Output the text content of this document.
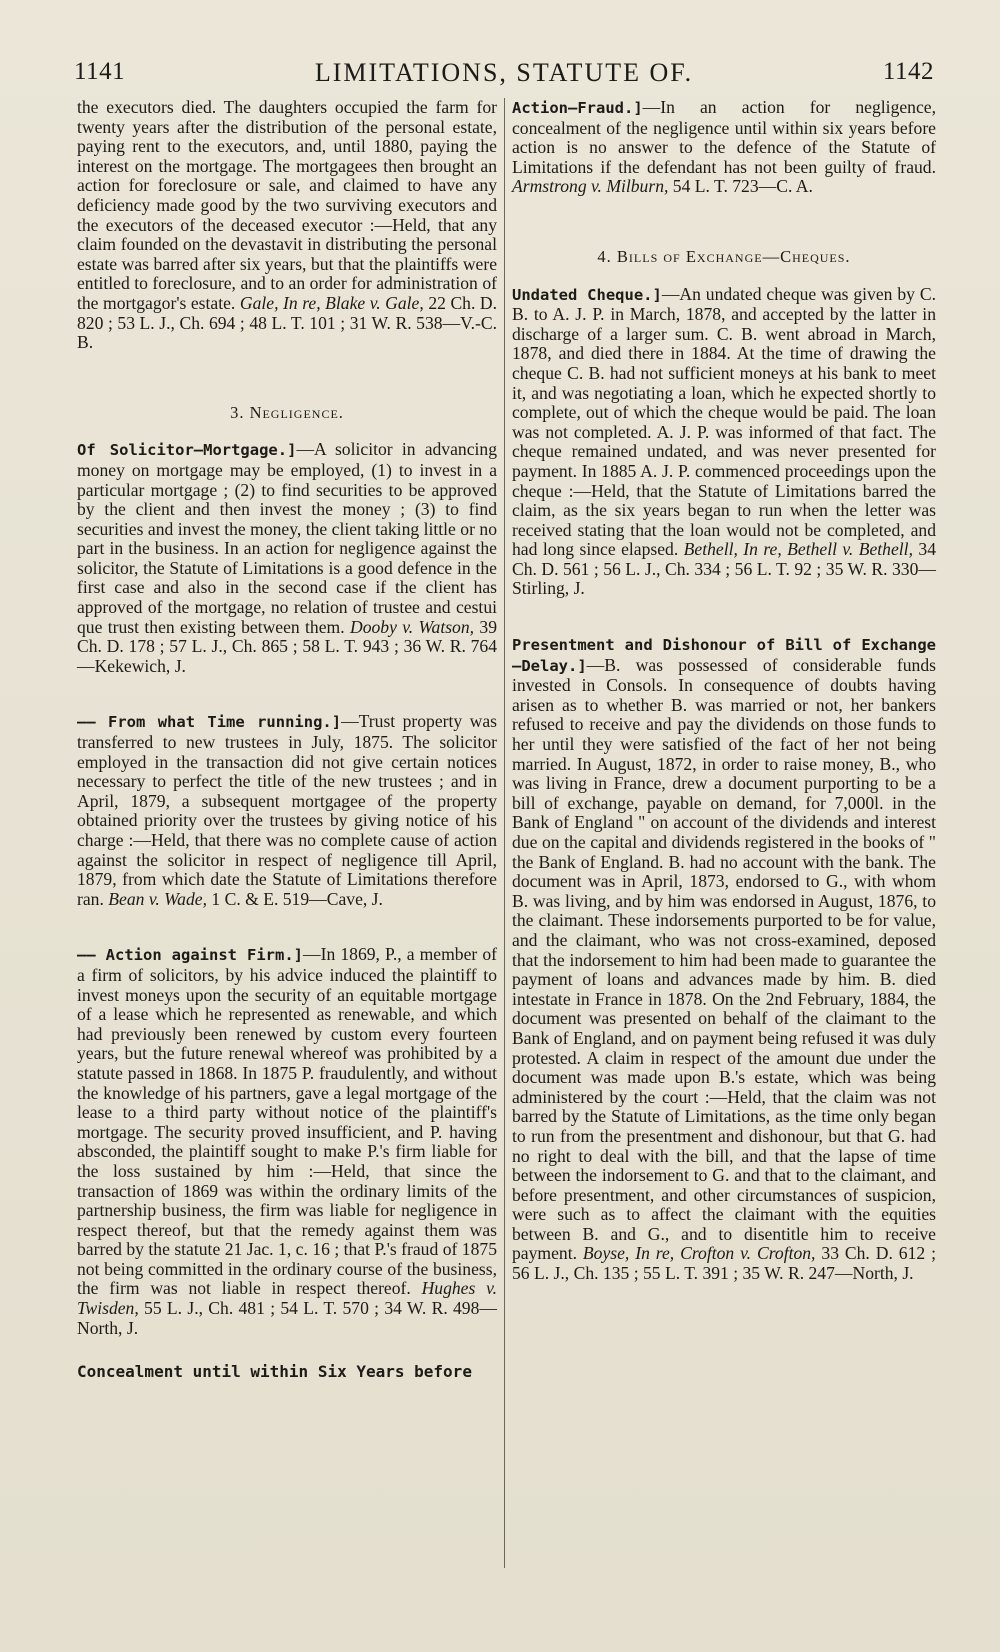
1141	LIMITATIONS, STATUTE OF.	1142

the executors died. The daughters occupied the farm for twenty years after the distribution of the personal estate, paying rent to the executors, and, until 1880, paying the interest on the mortgage. The mortgagees then brought an action for foreclosure or sale, and claimed to have any deficiency made good by the two surviving executors and the executors of the deceased executor :—Held, that any claim founded on the devastavit in distributing the personal estate was barred after six years, but that the plaintiffs were entitled to foreclosure, and to an order for administration of the mortgagor's estate. Gale, In re, Blake v. Gale, 22 Ch. D. 820 ; 53 L. J., Ch. 694 ; 48 L. T. 101 ; 31 W. R. 538—V.-C. B.

3. Negligence.

Of Solicitor—Mortgage.]—A solicitor in advancing money on mortgage may be employed, (1) to invest in a particular mortgage ; (2) to find securities to be approved by the client and then invest the money ; (3) to find securities and invest the money, the client taking little or no part in the business. In an action for negligence against the solicitor, the Statute of Limitations is a good defence in the first case and also in the second case if the client has approved of the mortgage, no relation of trustee and cestui que trust then existing between them. Dooby v. Watson, 39 Ch. D. 178 ; 57 L. J., Ch. 865 ; 58 L. T. 943 ; 36 W. R. 764—Kekewich, J.

—— From what Time running.]—Trust property was transferred to new trustees in July, 1875. The solicitor employed in the transaction did not give certain notices necessary to perfect the title of the new trustees ; and in April, 1879, a subsequent mortgagee of the property obtained priority over the trustees by giving notice of his charge :—Held, that there was no complete cause of action against the solicitor in respect of negligence till April, 1879, from which date the Statute of Limitations therefore ran. Bean v. Wade, 1 C. & E. 519—Cave, J.

—— Action against Firm.]—In 1869, P., a member of a firm of solicitors, by his advice induced the plaintiff to invest moneys upon the security of an equitable mortgage of a lease which he represented as renewable, and which had previously been renewed by custom every fourteen years, but the future renewal whereof was prohibited by a statute passed in 1868. In 1875 P. fraudulently, and without the knowledge of his partners, gave a legal mortgage of the lease to a third party without notice of the plaintiff's mortgage. The security proved insufficient, and P. having absconded, the plaintiff sought to make P.'s firm liable for the loss sustained by him :—Held, that since the transaction of 1869 was within the ordinary limits of the partnership business, the firm was liable for negligence in respect thereof, but that the remedy against them was barred by the statute 21 Jac. 1, c. 16 ; that P.'s fraud of 1875 not being committed in the ordinary course of the business, the firm was not liable in respect thereof. Hughes v. Twisden, 55 L. J., Ch. 481 ; 54 L. T. 570 ; 34 W. R. 498—North, J.

Concealment until within Six Years before

Action—Fraud.]—In an action for negligence, concealment of the negligence until within six years before action is no answer to the defence of the Statute of Limitations if the defendant has not been guilty of fraud. Armstrong v. Milburn, 54 L. T. 723—C. A.

4. Bills of Exchange—Cheques.

Undated Cheque.]—An undated cheque was given by C. B. to A. J. P. in March, 1878, and accepted by the latter in discharge of a larger sum. C. B. went abroad in March, 1878, and died there in 1884. At the time of drawing the cheque C. B. had not sufficient moneys at his bank to meet it, and was negotiating a loan, which he expected shortly to complete, out of which the cheque would be paid. The loan was not completed. A. J. P. was informed of that fact. The cheque remained undated, and was never presented for payment. In 1885 A. J. P. commenced proceedings upon the cheque :—Held, that the Statute of Limitations barred the claim, as the six years began to run when the letter was received stating that the loan would not be completed, and had long since elapsed. Bethell, In re, Bethell v. Bethell, 34 Ch. D. 561 ; 56 L. J., Ch. 334 ; 56 L. T. 92 ; 35 W. R. 330—Stirling, J.

Presentment and Dishonour of Bill of Exchange—Delay.]—B. was possessed of considerable funds invested in Consols. In consequence of doubts having arisen as to whether B. was married or not, her bankers refused to receive and pay the dividends on those funds to her until they were satisfied of the fact of her not being married. In August, 1872, in order to raise money, B., who was living in France, drew a document purporting to be a bill of exchange, payable on demand, for 7,000l. in the Bank of England " on account of the dividends and interest due on the capital and dividends registered in the books of " the Bank of England. B. had no account with the bank. The document was in April, 1873, endorsed to G., with whom B. was living, and by him was endorsed in August, 1876, to the claimant. These indorsements purported to be for value, and the claimant, who was not cross-examined, deposed that the indorsement to him had been made to guarantee the payment of loans and advances made by him. B. died intestate in France in 1878. On the 2nd February, 1884, the document was presented on behalf of the claimant to the Bank of England, and on payment being refused it was duly protested. A claim in respect of the amount due under the document was made upon B.'s estate, which was being administered by the court :—Held, that the claim was not barred by the Statute of Limitations, as the time only began to run from the presentment and dishonour, but that G. had no right to deal with the bill, and that the lapse of time between the indorsement to G. and that to the claimant, and before presentment, and other circumstances of suspicion, were such as to affect the claimant with the equities between B. and G., and to disentitle him to receive payment. Boyse, In re, Crofton v. Crofton, 33 Ch. D. 612 ; 56 L. J., Ch. 135 ; 55 L. T. 391 ; 35 W. R. 247—North, J.
